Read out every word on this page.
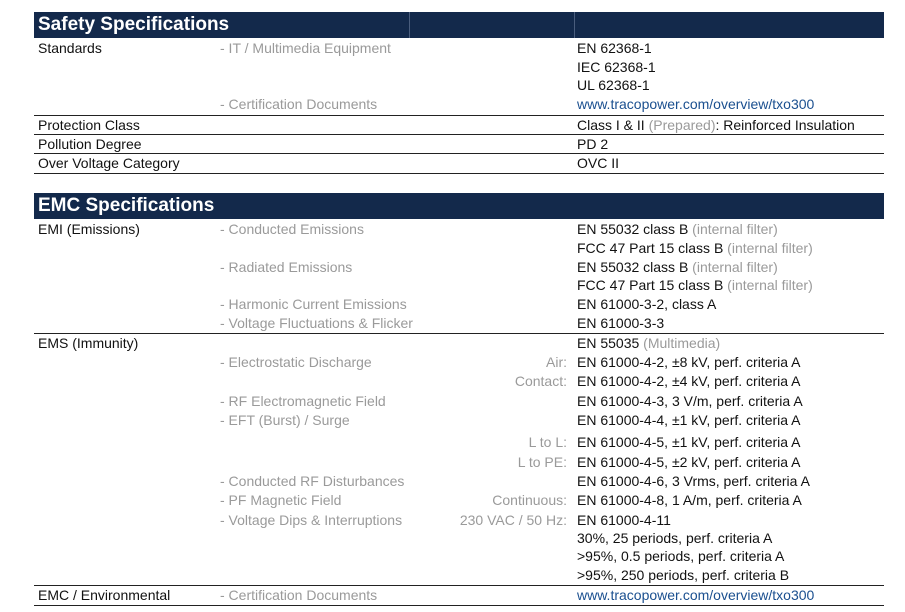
Safety Specifications
Standards	- IT / Multimedia Equipment	EN 62368-1
IEC 62368-1
UL 62368-1
- Certification Documents	www.tracopower.com/overview/txo300
Protection Class	Class I & II (Prepared): Reinforced Insulation
Pollution Degree	PD 2
Over Voltage Category	OVC II
EMC Specifications
EMI (Emissions)	- Conducted Emissions	EN 55032 class B (internal filter)
FCC 47 Part 15 class B (internal filter)
- Radiated Emissions	EN 55032 class B (internal filter)
FCC 47 Part 15 class B (internal filter)
- Harmonic Current Emissions	EN 61000-3-2, class A
- Voltage Fluctuations & Flicker	EN 61000-3-3
EMS (Immunity)	EN 55035 (Multimedia)
- Electrostatic Discharge	Air: EN 61000-4-2, ±8 kV, perf. criteria A
Contact: EN 61000-4-2, ±4 kV, perf. criteria A
- RF Electromagnetic Field	EN 61000-4-3, 3 V/m, perf. criteria A
- EFT (Burst) / Surge	EN 61000-4-4, ±1 kV, perf. criteria A
L to L: EN 61000-4-5, ±1 kV, perf. criteria A
L to PE: EN 61000-4-5, ±2 kV, perf. criteria A
- Conducted RF Disturbances	EN 61000-4-6, 3 Vrms, perf. criteria A
- PF Magnetic Field	Continuous: EN 61000-4-8, 1 A/m, perf. criteria A
- Voltage Dips & Interruptions	230 VAC / 50 Hz: EN 61000-4-11
30%, 25 periods, perf. criteria A
>95%, 0.5 periods, perf. criteria A
>95%, 250 periods, perf. criteria B
EMC / Environmental	- Certification Documents	www.tracopower.com/overview/txo300
